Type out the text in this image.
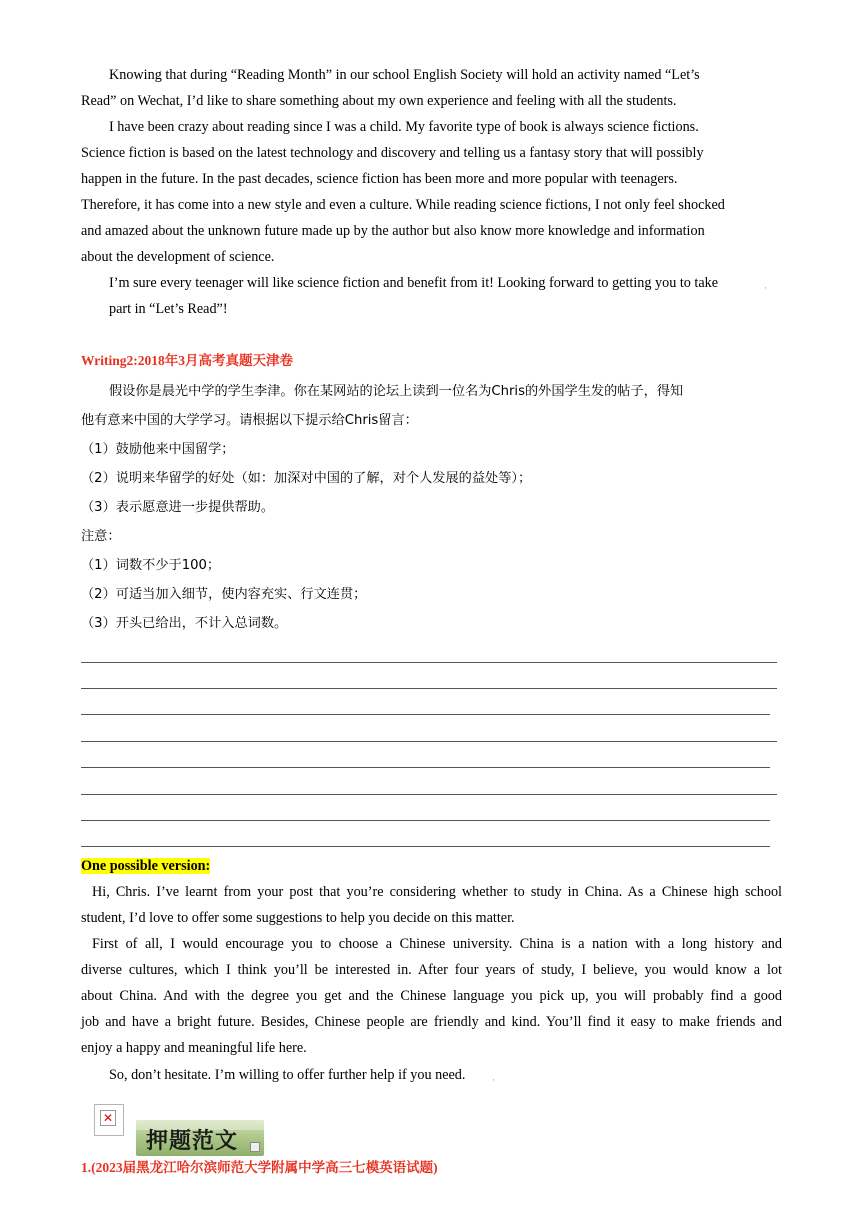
Knowing that during “Reading Month” in our school English Society will hold an activity named “Let’s
Read” on Wechat, I’d like to share something about my own experience and feeling with all the students.
I have been crazy about reading since I was a child. My favorite type of book is always science fictions.
Science fiction is based on the latest technology and discovery and telling us a fantasy story that will possibly
happen in the future. In the past decades, science fiction has been more and more popular with teenagers.
Therefore, it has come into a new style and even a culture. While reading science fictions, I not only feel shocked
and amazed about the unknown future made up by the author but also know more knowledge and information
about the development of science.
I’m sure every teenager will like science fiction and benefit from it! Looking forward to getting you to take	·
part in “Let’s Read”!
Writing2:2018年3月高考真题天津卷
假设你是晨光中学的学生李津。你在某网站的论坛上读到一位名为Chris的外国学生发的帖子，得知
他有意来中国的大学学习。请根据以下提示给Chris留言：
（1）鼓励他来中国留学；
（2）说明来华留学的好处（如：加深对中国的了解，对个人发展的益处等）；
（3）表示愿意进一步提供帮助。
注意：
（1）词数不少于100；
（2）可适当加入细节，使内容充实、行文连贯；
（3）开头已给出，不计入总词数。
One possible version:
Hi, Chris. I’ve learnt from your post that you’re considering whether to study in China. As a Chinese high school
student, I’d love to offer some suggestions to help you decide on this matter.
First of all, I would encourage you to choose a Chinese university. China is a nation with a long history and
diverse cultures, which I think you’ll be interested in. After four years of study, I believe, you would know a lot
about China. And with the degree you get and the Chinese language you pick up, you will probably find a good
job and have a bright future. Besides, Chinese people are friendly and kind. You’ll find it easy to make friends and
enjoy a happy and meaningful life here.
So, don’t hesitate. I’m willing to offer further help if you need.	·
✕
押题范文
1.(2023届黑龙江哈尔滨师范大学附属中学高三七模英语试题)
